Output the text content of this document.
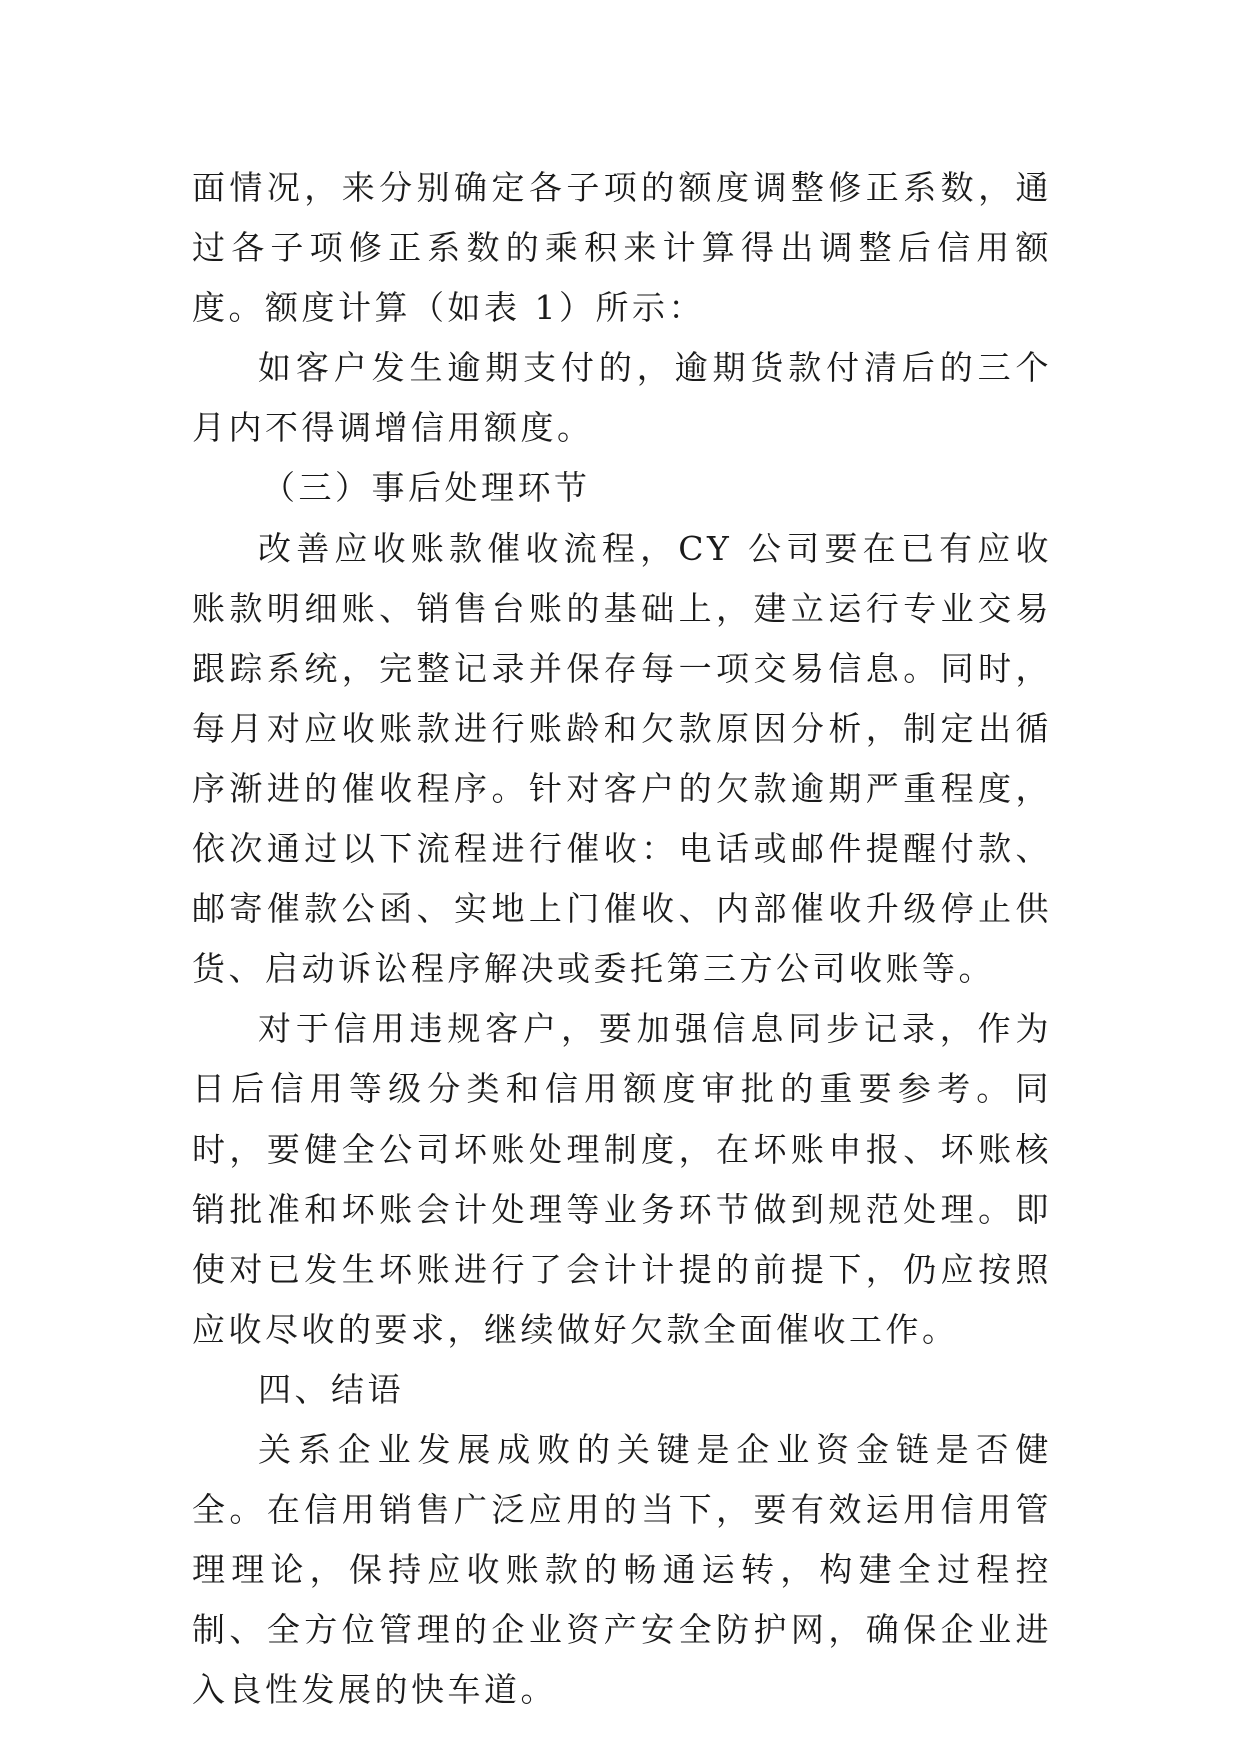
面情况，来分别确定各子项的额度调整修正系数，通过各子项修正系数的乘积来计算得出调整后信用额度。额度计算（如表 1）所示：

如客户发生逾期支付的，逾期货款付清后的三个月内不得调增信用额度。

（三）事后处理环节

改善应收账款催收流程，CY 公司要在已有应收账款明细账、销售台账的基础上，建立运行专业交易跟踪系统，完整记录并保存每一项交易信息。同时，每月对应收账款进行账龄和欠款原因分析，制定出循序渐进的催收程序。针对客户的欠款逾期严重程度，依次通过以下流程进行催收：电话或邮件提醒付款、邮寄催款公函、实地上门催收、内部催收升级停止供货、启动诉讼程序解决或委托第三方公司收账等。

对于信用违规客户，要加强信息同步记录，作为日后信用等级分类和信用额度审批的重要参考。同时，要健全公司坏账处理制度，在坏账申报、坏账核销批准和坏账会计处理等业务环节做到规范处理。即使对已发生坏账进行了会计计提的前提下，仍应按照应收尽收的要求，继续做好欠款全面催收工作。

四、结语

关系企业发展成败的关键是企业资金链是否健全。在信用销售广泛应用的当下，要有效运用信用管理理论，保持应收账款的畅通运转，构建全过程控制、全方位管理的企业资产安全防护网，确保企业进入良性发展的快车道。
